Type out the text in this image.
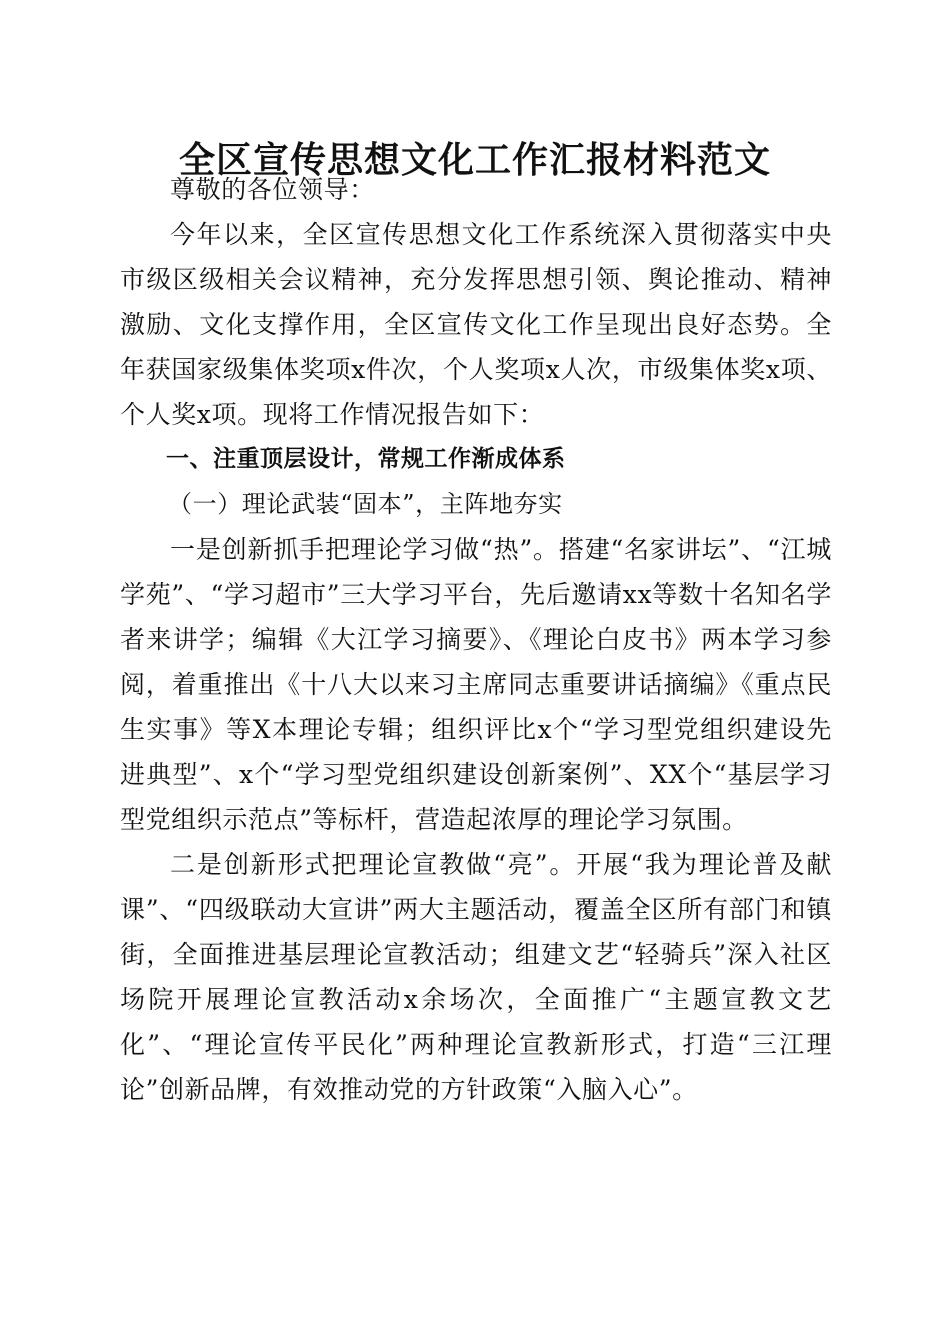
全区宣传思想文化工作汇报材料范文

尊敬的各位领导：

今年以来，全区宣传思想文化工作系统深入贯彻落实中央市级区级相关会议精神，充分发挥思想引领、舆论推动、精神激励、文化支撑作用，全区宣传文化工作呈现出良好态势。全年获国家级集体奖项x件次，个人奖项x人次，市级集体奖x项、个人奖x项。现将工作情况报告如下：

一、注重顶层设计，常规工作渐成体系

（一）理论武装“固本”，主阵地夯实

一是创新抓手把理论学习做“热”。搭建“名家讲坛”、“江城学苑”、“学习超市”三大学习平台，先后邀请xx等数十名知名学者来讲学；编辑《大江学习摘要》、《理论白皮书》两本学习参阅，着重推出《十八大以来习主席同志重要讲话摘编》《重点民生实事》等X本理论专辑；组织评比x个“学习型党组织建设先进典型”、x个“学习型党组织建设创新案例”、XX个“基层学习型党组织示范点”等标杆，营造起浓厚的理论学习氛围。

二是创新形式把理论宣教做“亮”。开展“我为理论普及献课”、“四级联动大宣讲”两大主题活动，覆盖全区所有部门和镇街，全面推进基层理论宣教活动；组建文艺“轻骑兵”深入社区场院开展理论宣教活动x余场次，全面推广“主题宣教文艺化”、“理论宣传平民化”两种理论宣教新形式，打造“三江理论”创新品牌，有效推动党的方针政策“入脑入心”。
